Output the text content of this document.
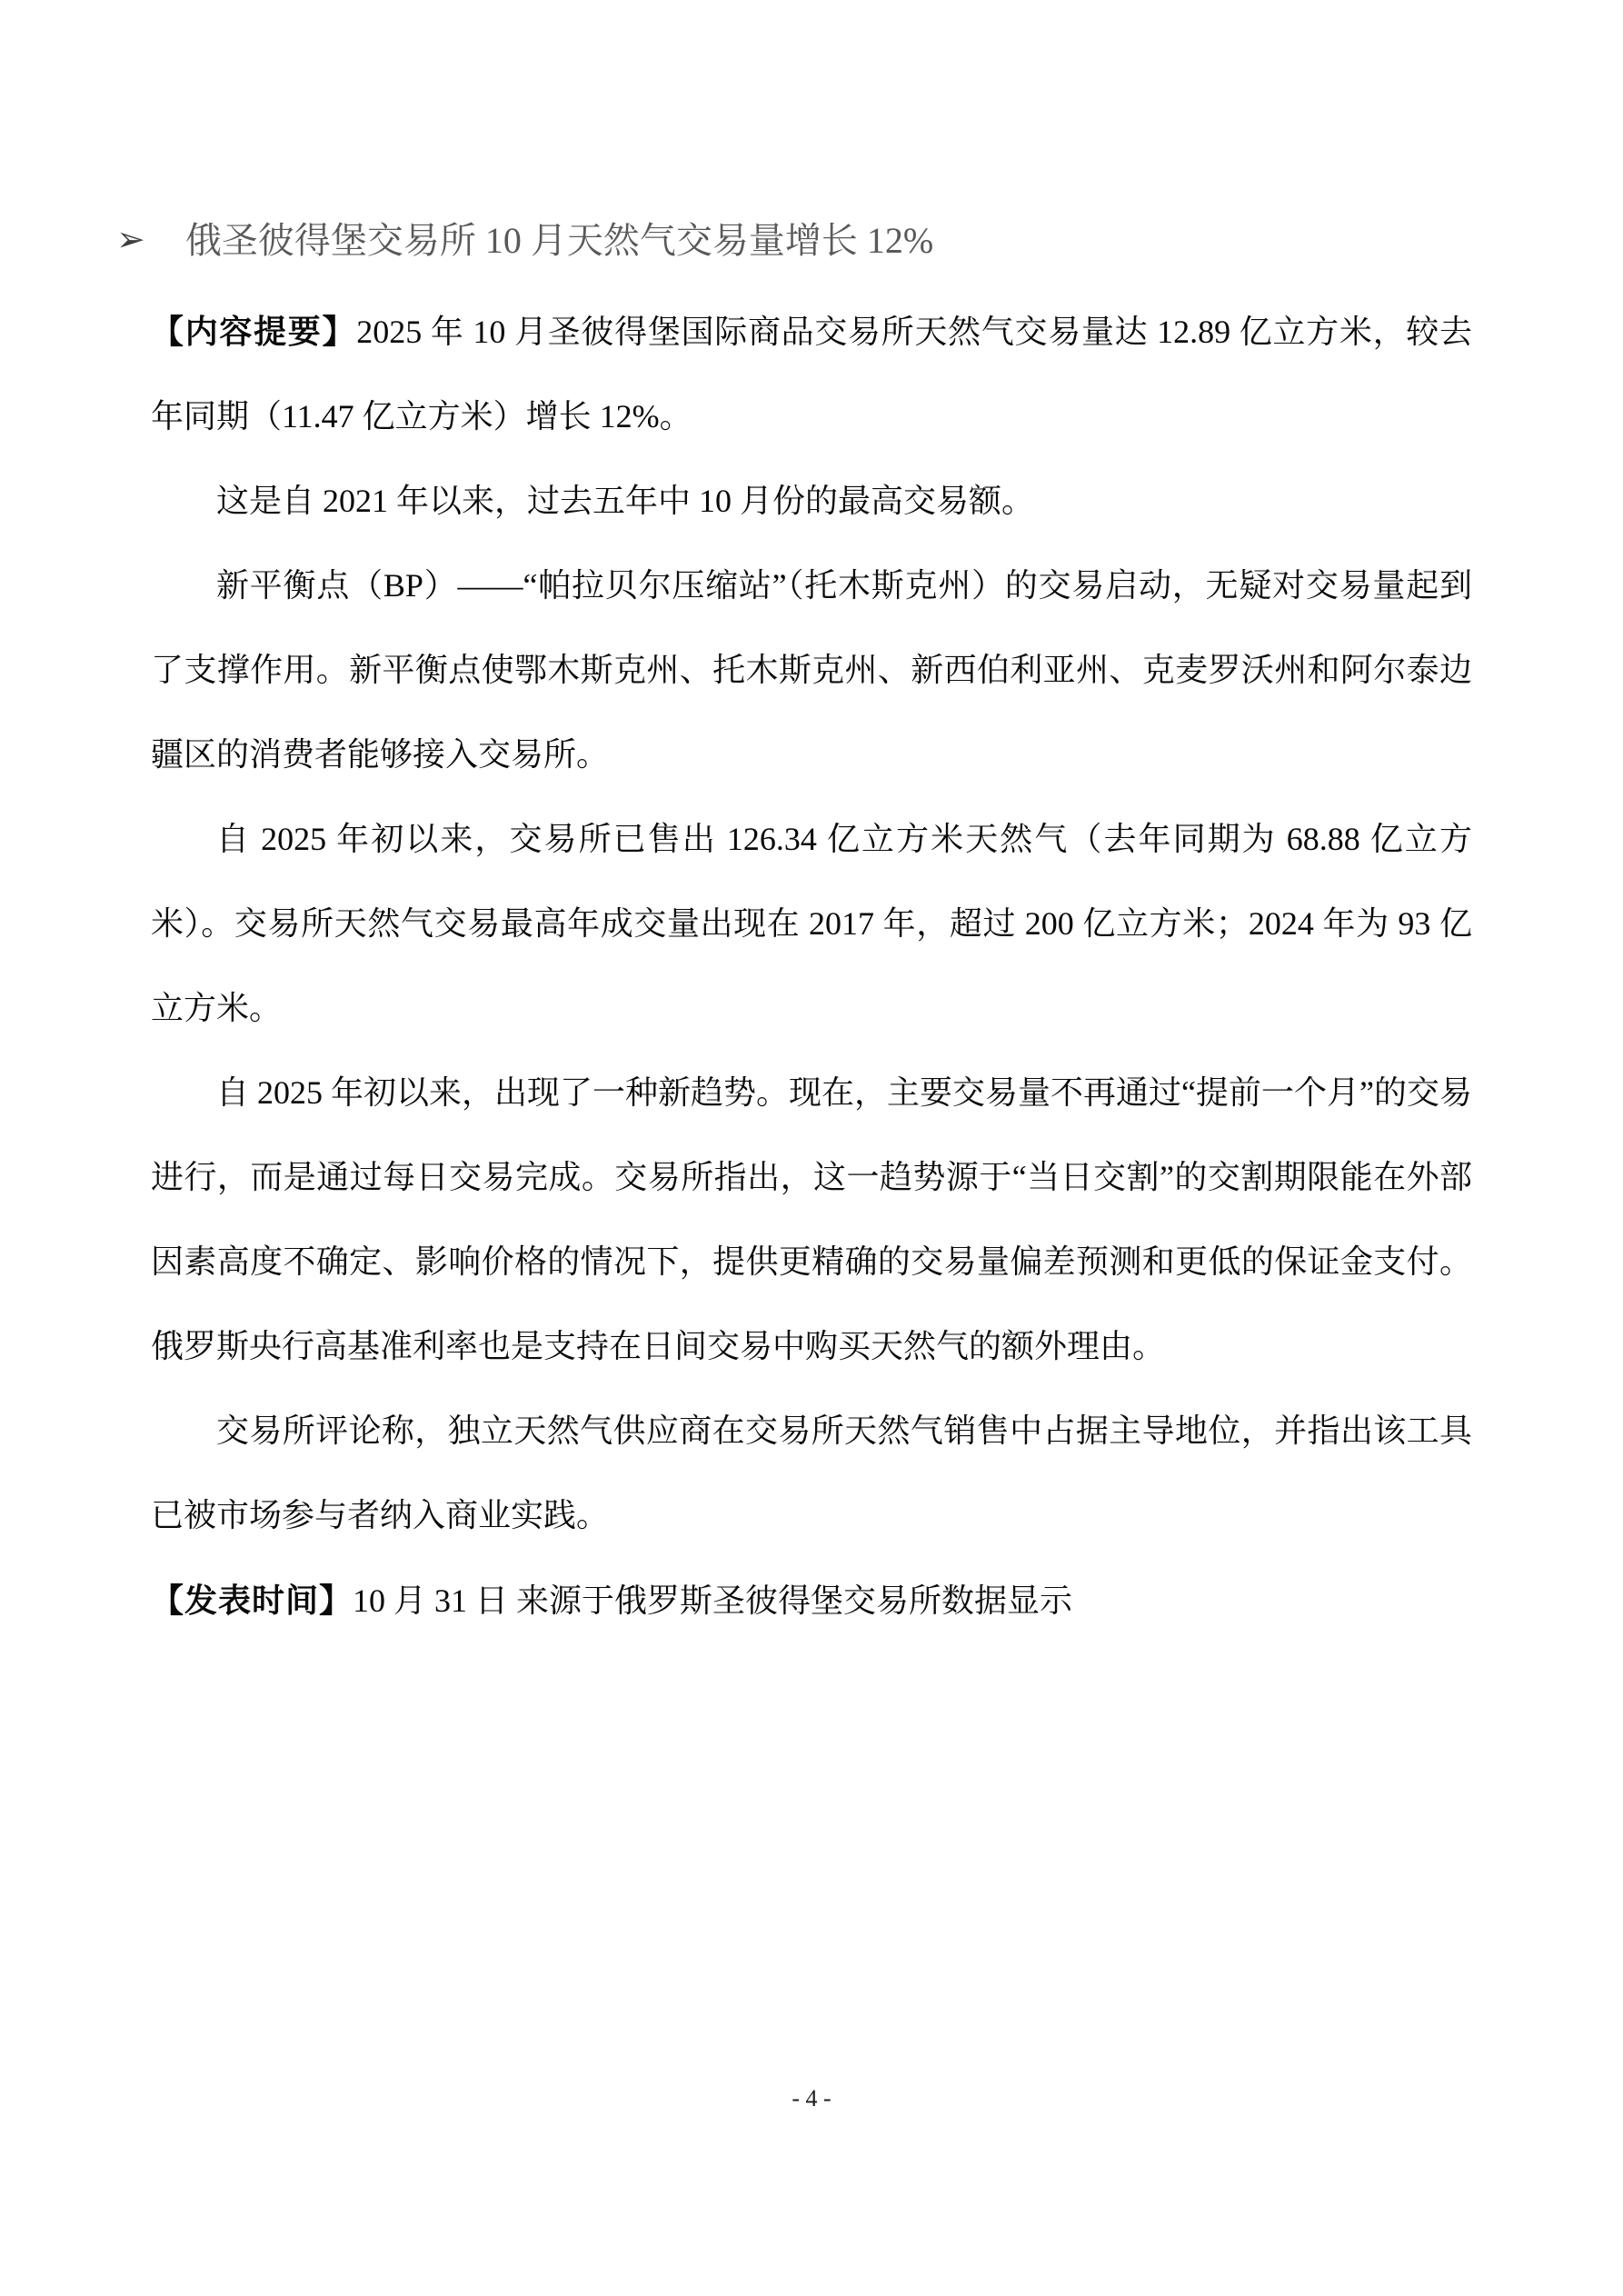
➢ 俄圣彼得堡交易所 10 月天然气交易量增长 12%

【内容提要】2025 年 10 月圣彼得堡国际商品交易所天然气交易量达 12.89 亿立方米，较去年同期（11.47 亿立方米）增长 12%。

这是自 2021 年以来，过去五年中 10 月份的最高交易额。

新平衡点（BP）——“帕拉贝尔压缩站”（托木斯克州）的交易启动，无疑对交易量起到了支撑作用。新平衡点使鄂木斯克州、托木斯克州、新西伯利亚州、克麦罗沃州和阿尔泰边疆区的消费者能够接入交易所。

自 2025 年初以来，交易所已售出 126.34 亿立方米天然气（去年同期为 68.88 亿立方米）。交易所天然气交易最高年成交量出现在 2017 年，超过 200 亿立方米；2024 年为 93 亿立方米。

自 2025 年初以来，出现了一种新趋势。现在，主要交易量不再通过“提前一个月”的交易进行，而是通过每日交易完成。交易所指出，这一趋势源于“当日交割”的交割期限能在外部因素高度不确定、影响价格的情况下，提供更精确的交易量偏差预测和更低的保证金支付。俄罗斯央行高基准利率也是支持在日间交易中购买天然气的额外理由。

交易所评论称，独立天然气供应商在交易所天然气销售中占据主导地位，并指出该工具已被市场参与者纳入商业实践。

【发表时间】10 月 31 日 来源于俄罗斯圣彼得堡交易所数据显示

- 4 -
